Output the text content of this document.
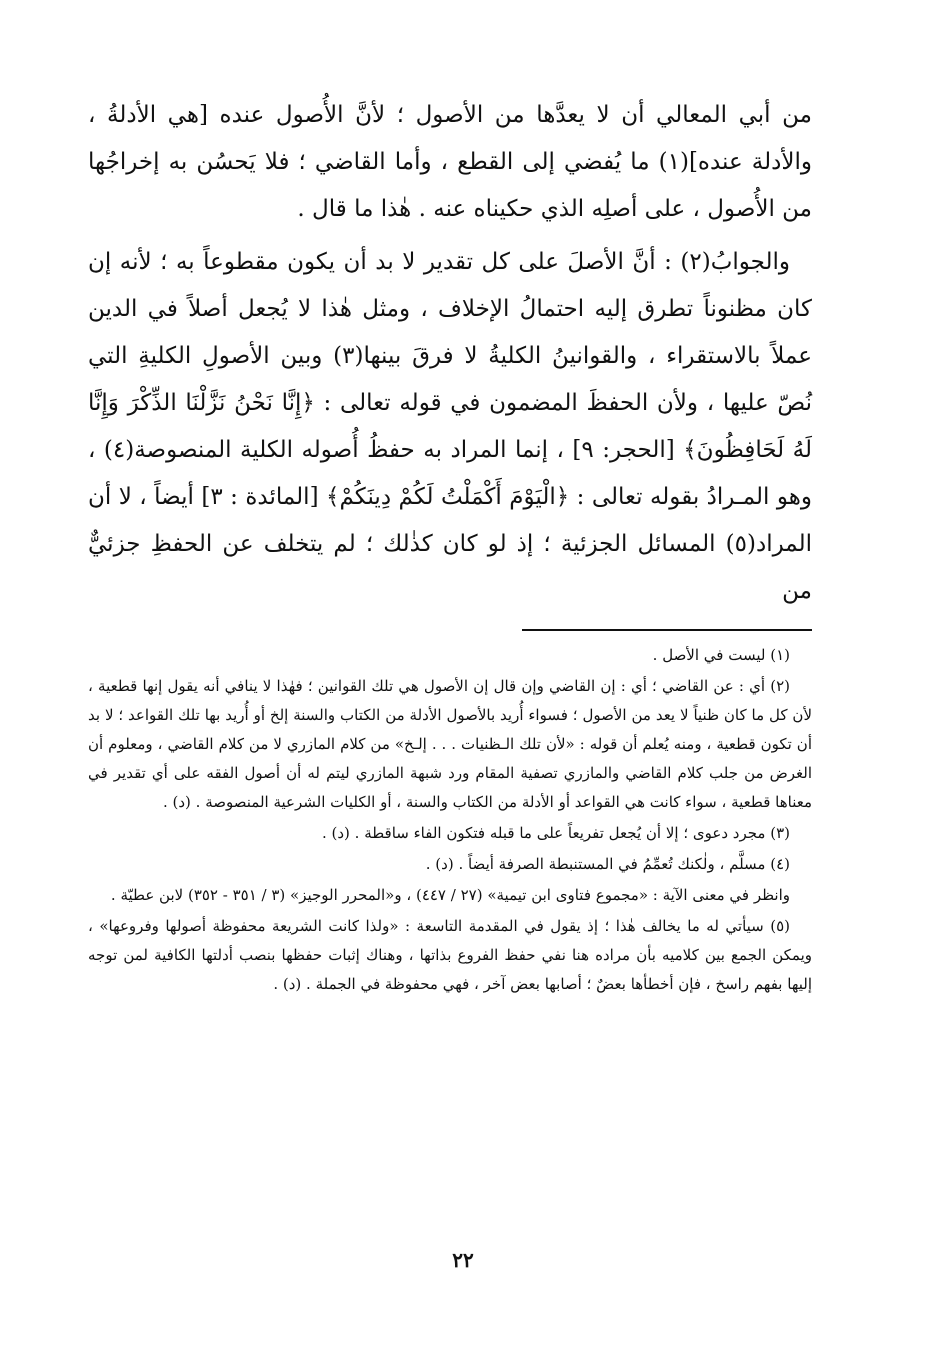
من أبي المعالي أن لا يعدَّها من الأصول ؛ لأنَّ الأُصول عنده [هي الأدلةُ ، والأدلة عنده](١) ما يُفضي إلى القطع ، وأما القاضي ؛ فلا يَحسُن به إخراجُها من الأُصول ، على أصلِه الذي حكيناه عنه . هٰذا ما قال .

والجوابُ(٢) : أنَّ الأصلَ على كل تقدير لا بد أن يكون مقطوعاً به ؛ لأنه إن كان مظنوناً تطرق إليه احتمالُ الإخلاف ، ومثل هٰذا لا يُجعل أصلاً في الدين عملاً بالاستقراء ، والقوانينُ الكليةُ لا فرقَ بينها(٣) وبين الأصولِ الكليةِ التي نُصّ عليها ، ولأن الحفظَ المضمون في قوله تعالى : ﴿إِنَّا نَحْنُ نَزَّلْنَا الذِّكْرَ وَإِنَّا لَهُ لَحَافِظُونَ﴾ [الحجر: ٩] ، إنما المراد به حفظُ أُصوله الكلية المنصوصة(٤) ، وهو المـرادُ بقوله تعالى : ﴿الْيَوْمَ أَكْمَلْتُ لَكُمْ دِينَكُمْ﴾ [المائدة : ٣] أيضاً ، لا أن المراد(٥) المسائل الجزئية ؛ إذ لو كان كذٰلك ؛ لم يتخلف عن الحفظِ جزئيٌّ من

(١) ليست في الأصل .

(٢) أي : عن القاضي ؛ أي : إن القاضي وإن قال إن الأصول هي تلك القوانين ؛ فهٰذا لا ينافي أنه يقول إنها قطعية ، لأن كل ما كان ظنياً لا يعد من الأصول ؛ فسواء أُريد بالأصول الأدلة من الكتاب والسنة إلخ أو أُريد بها تلك القواعد ؛ لا بد أن تكون قطعية ، ومنه يُعلم أن قوله : «لأن تلك الـظنيات . . . إلـخ» من كلام المازري لا من كلام القاضي ، ومعلوم أن الغرض من جلب كلام القاضي والمازري تصفية المقام ورد شبهة المازري ليتم له أن أصول الفقه على أي تقدير في معناها قطعية ، سواء كانت هي القواعد أو الأدلة من الكتاب والسنة ، أو الكليات الشرعية المنصوصة . (د) .

(٣) مجرد دعوى ؛ إلا أن يُجعل تفريعاً على ما قبله فتكون الفاء ساقطة . (د) .

(٤) مسلَّم ، ولٰكنك تُعمِّمُ في المستنبطة الصرفة أيضاً . (د) .

وانظر في معنى الآية : «مجموع فتاوى ابن تيمية» (٢٧ / ٤٤٧) ، و«المحرر الوجيز» (٣ / ٣٥١ - ٣٥٢) لابن عطيّة .

(٥) سيأتي له ما يخالف هٰذا ؛ إذ يقول في المقدمة التاسعة : «ولذا كانت الشريعة محفوظة أصولها وفروعها» ، ويمكن الجمع بين كلاميه بأن مراده هنا نفي حفظ الفروع بذاتها ، وهناك إثبات حفظها بنصب أدلتها الكافية لمن توجه إليها بفهم راسخ ، فإن أخطأها بعضٌ ؛ أصابها بعض آخر ، فهي محفوظة في الجملة . (د) .

٢٢
